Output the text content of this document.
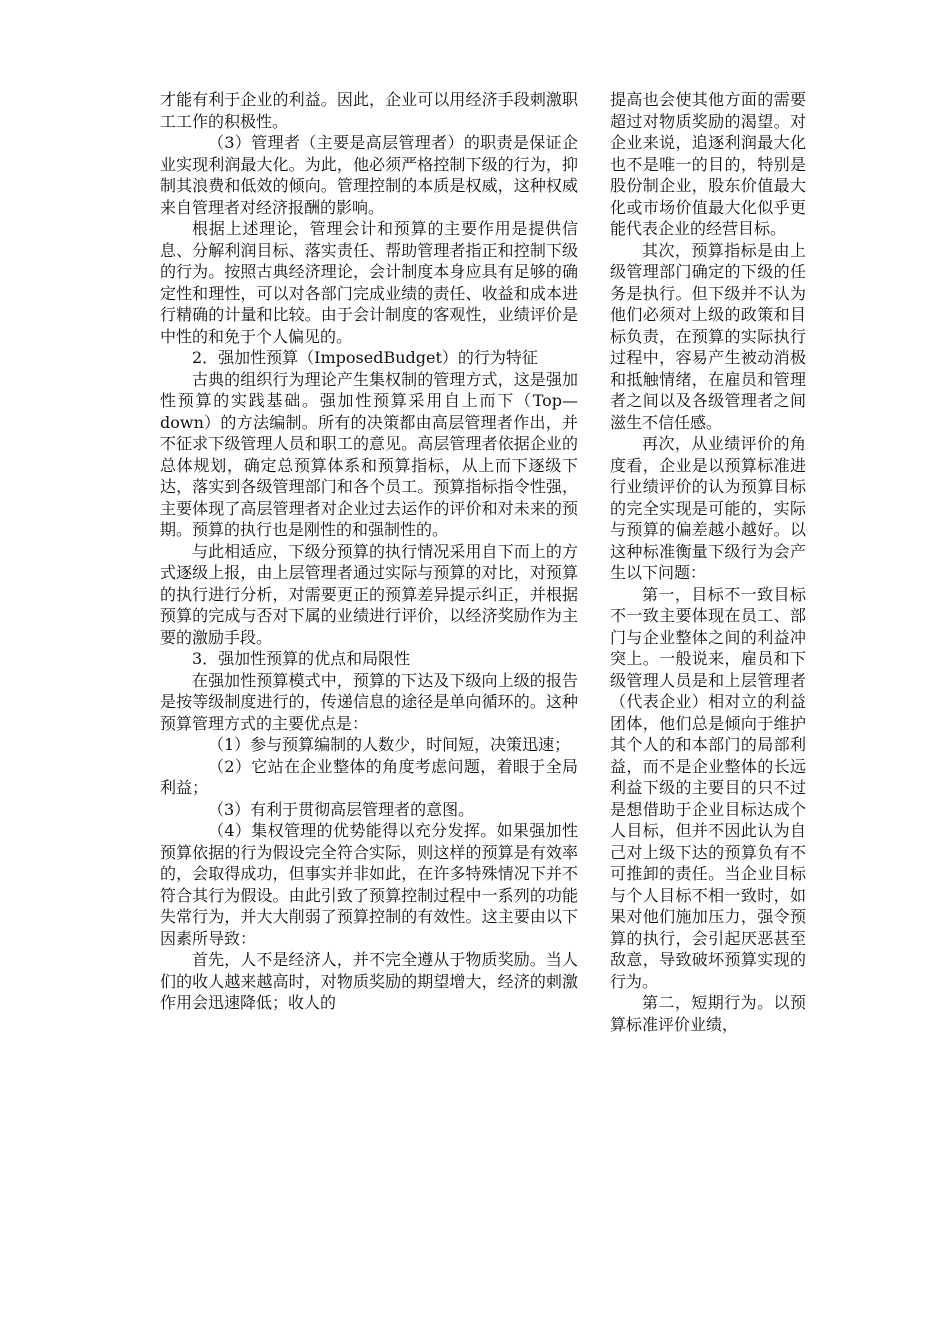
才能有利于企业的利益。因此，企业可以用经济手段刺激职工工作的积极性。

（3）管理者（主要是高层管理者）的职责是保证企业实现利润最大化。为此，他必须严格控制下级的行为，抑制其浪费和低效的倾向。管理控制的本质是权威，这种权威来自管理者对经济报酬的影响。

根据上述理论，管理会计和预算的主要作用是提供信息、分解利润目标、落实责任、帮助管理者指正和控制下级的行为。按照古典经济理论，会计制度本身应具有足够的确定性和理性，可以对各部门完成业绩的责任、收益和成本进行精确的计量和比较。由于会计制度的客观性，业绩评价是中性的和免于个人偏见的。

2．强加性预算（ImposedBudget）的行为特征

古典的组织行为理论产生集权制的管理方式，这是强加性预算的实践基础。强加性预算采用自上而下（Top—down）的方法编制。所有的决策都由高层管理者作出，并不征求下级管理人员和职工的意见。高层管理者依据企业的总体规划，确定总预算体系和预算指标，从上而下逐级下达，落实到各级管理部门和各个员工。预算指标指令性强，主要体现了高层管理者对企业过去运作的评价和对未来的预期。预算的执行也是刚性的和强制性的。

与此相适应，下级分预算的执行情况采用自下而上的方式逐级上报，由上层管理者通过实际与预算的对比，对预算的执行进行分析，对需要更正的预算差异提示纠正，并根据预算的完成与否对下属的业绩进行评价，以经济奖励作为主要的激励手段。

3．强加性预算的优点和局限性

在强加性预算模式中，预算的下达及下级向上级的报告是按等级制度进行的，传递信息的途径是单向循环的。这种预算管理方式的主要优点是：

（1）参与预算编制的人数少，时间短，决策迅速；

（2）它站在企业整体的角度考虑问题，着眼于全局利益；

（3）有利于贯彻高层管理者的意图。

（4）集权管理的优势能得以充分发挥。如果强加性预算依据的行为假设完全符合实际，则这样的预算是有效率的，会取得成功，但事实并非如此，在许多特殊情况下并不符合其行为假设。由此引致了预算控制过程中一系列的功能失常行为，并大大削弱了预算控制的有效性。这主要由以下因素所导致：

首先，人不是经济人，并不完全遵从于物质奖励。当人们的收人越来越高时，对物质奖励的期望增大，经济的刺激作用会迅速降低；收人的

提高也会使其他方面的需要超过对物质奖励的渴望。对企业来说，追逐利润最大化也不是唯一的目的，特别是股份制企业，股东价值最大化或市场价值最大化似乎更能代表企业的经营目标。

其次，预算指标是由上级管理部门确定的下级的任务是执行。但下级并不认为他们必须对上级的政策和目标负责，在预算的实际执行过程中，容易产生被动消极和抵触情绪，在雇员和管理者之间以及各级管理者之间滋生不信任感。

再次，从业绩评价的角度看，企业是以预算标准进行业绩评价的认为预算目标的完全实现是可能的，实际与预算的偏差越小越好。以这种标准衡量下级行为会产生以下问题：

第一，目标不一致目标不一致主要体现在员工、部门与企业整体之间的利益冲突上。一般说来，雇员和下级管理人员是和上层管理者（代表企业）相对立的利益团体，他们总是倾向于维护其个人的和本部门的局部利益，而不是企业整体的长远利益下级的主要目的只不过是想借助于企业目标达成个人目标，但并不因此认为自己对上级下达的预算负有不可推卸的责任。当企业目标与个人目标不相一致时，如果对他们施加压力，强令预算的执行，会引起厌恶甚至敌意，导致破坏预算实现的行为。

第二，短期行为。以预算标准评价业绩，
